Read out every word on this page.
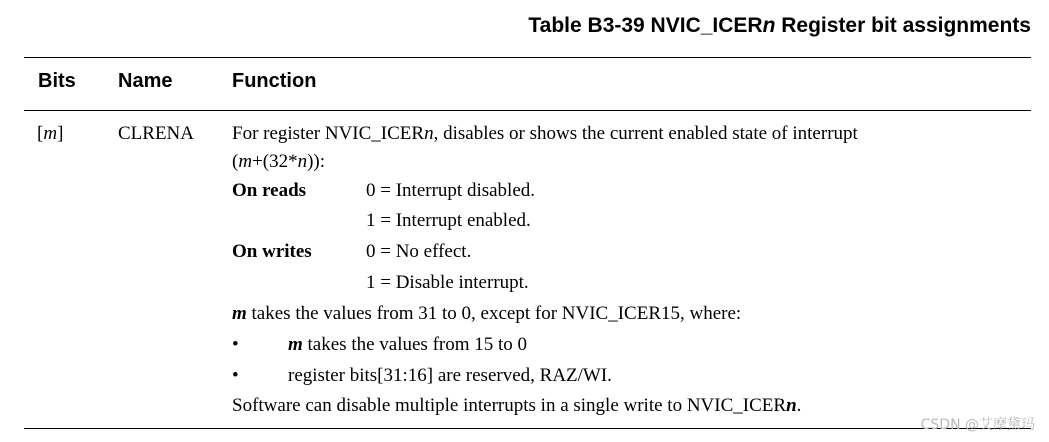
Table B3-39 NVIC_ICERn Register bit assignments
Bits Name	Function
[m]	CLRENA For register NVIC_ICERn, disables or shows the current enabled state of interrupt
(m+(32*n)):
On reads	0 = Interrupt disabled.
1 = Interrupt enabled.
On writes	0 = No effect.
1 = Disable interrupt.
m takes the values from 31 to 0, except for NVIC_ICER15, where:
•	m takes the values from 15 to 0
•	register bits[31:16] are reserved, RAZ/WI.
Software can disable multiple interrupts in a single write to NVIC_ICERn.
CSDN @艾摩黛玛
